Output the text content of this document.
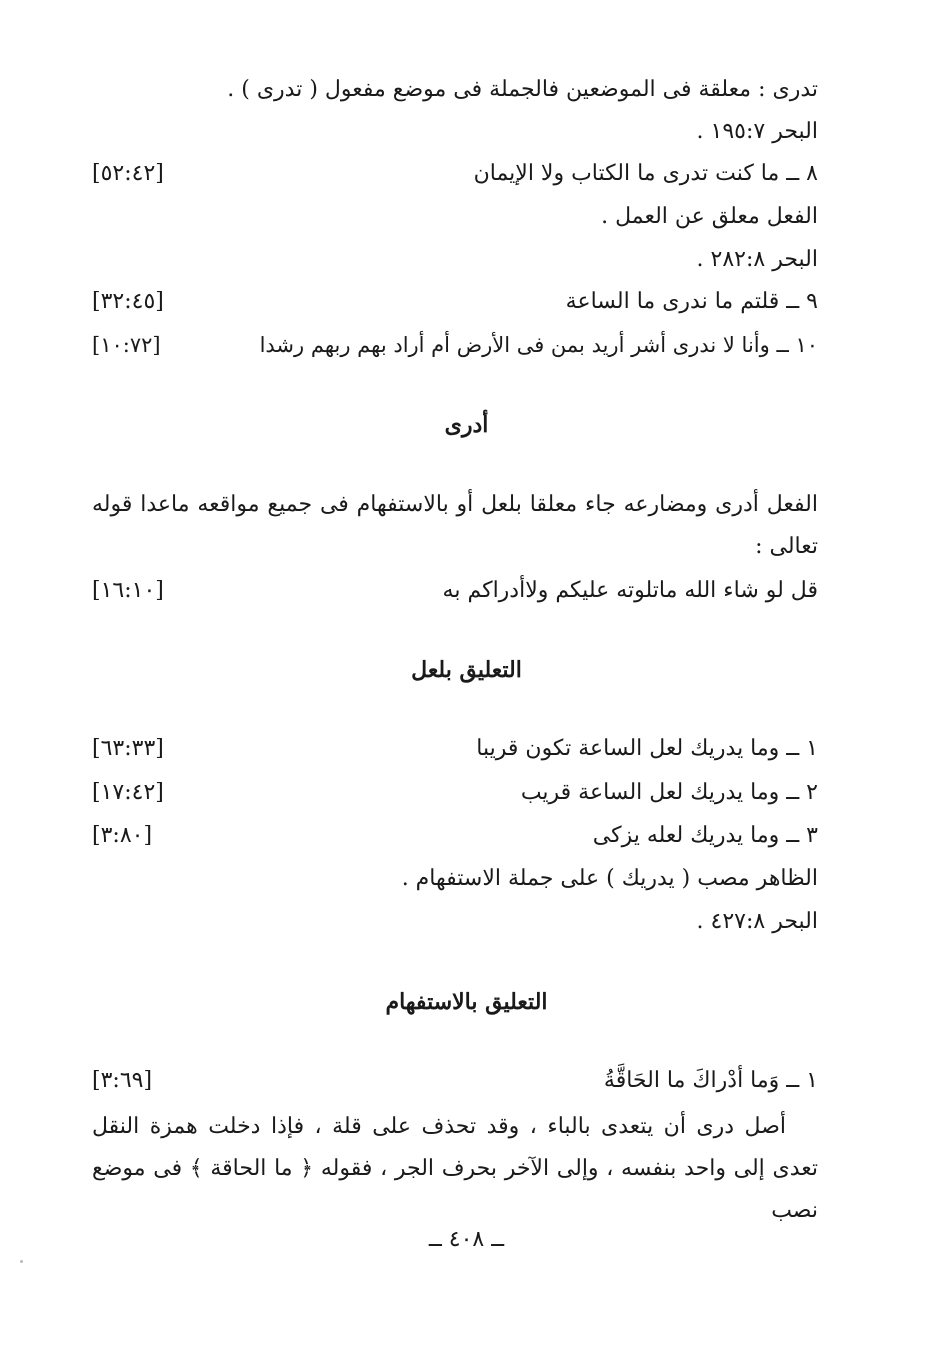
تدرى : معلقة فى الموضعين فالجملة فى موضع مفعول ( تدرى ) .
البحر ١٩٥:٧ .
٨ ــ ما كنت تدرى ما الكتاب ولا الإيمان
[٥٢:٤٢]
الفعل معلق عن العمل .
البحر ٢٨٢:٨ .
٩ ــ قلتم ما ندرى ما الساعة
[٣٢:٤٥]
١٠ ــ وأنا لا ندرى أشر أريد بمن فى الأرض أم أراد بهم ربهم رشدا
[١٠:٧٢]
أدرى
الفعل أدرى ومضارعه جاء معلقا بلعل أو بالاستفهام فى جميع مواقعه ماعدا قوله تعالى :
قل لو شاء الله ماتلوته عليكم ولاأدراكم به
[١٦:١٠]
التعليق بلعل
١ ــ وما يدريك لعل الساعة تكون قريبا
[٦٣:٣٣]
٢ ــ وما يدريك لعل الساعة قريب
[١٧:٤٢]
٣ ــ وما يدريك لعله يزكى
[٣:٨٠]
الظاهر مصب ( يدريك ) على جملة الاستفهام .
البحر ٤٢٧:٨ .
التعليق بالاستفهام
١ ــ وَما أدْراكَ ما الحَاقَّةُ
[٣:٦٩]
أصل درى أن يتعدى بالباء ، وقد تحذف على قلة ، فإذا دخلت همزة النقل تعدى إلى واحد بنفسه ، وإلى الآخر بحرف الجر ، فقوله ﴿ ما الحاقة ﴾ فى موضع نصب
ــ ٤٠٨ ــ
